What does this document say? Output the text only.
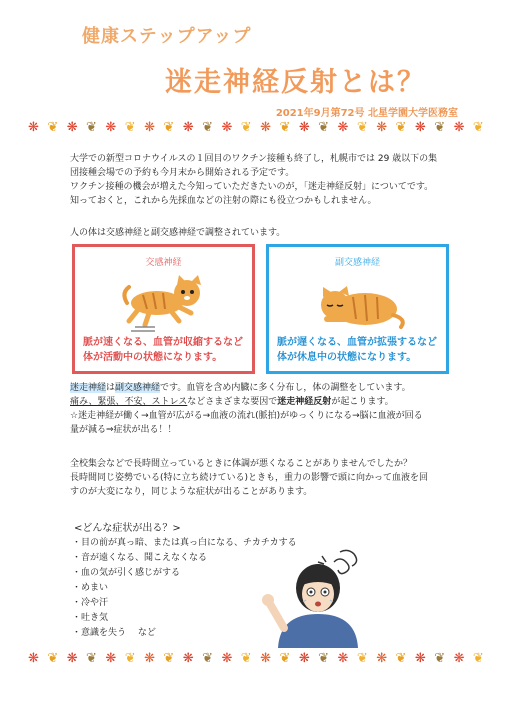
健康ステップアップ
迷走神経反射とは？
2021年9月第72号 北星学園大学医務室
❋ ❦ ❋ ❦ ❋ ❦ ❋ ❦ ❋ ❦ ❋ ❦ ❋ ❦ ❋ ❦ ❋ ❦ ❋ ❦ ❋ ❦ ❋ ❦
大学での新型コロナウイルスの１回目のワクチン接種も終了し，札幌市では 29 歳以下の集
団接種会場での予約も今月末から開始される予定です。
ワクチン接種の機会が増えた今知っていただきたいのが，「迷走神経反射」についてです。
知っておくと，これから先採血などの注射の際にも役立つかもしれません。
人の体は交感神経と副交感神経で調整されています。
交感神経
脈が速くなる、血管が収縮するなど
体が活動中の状態になります。
副交感神経
脈が遅くなる、血管が拡張するなど
体が休息中の状態になります。
迷走神経は副交感神経です。血管を含め内臓に多く分布し，体の調整をしています。
痛み、緊張、不安、ストレスなどさまざまな要因で迷走神経反射が起こります。
☆迷走神経が働く→血管が広がる→血液の流れ(脈拍)がゆっくりになる→脳に血液が回る
量が減る⇒症状が出る！！
全校集会などで長時間立っているときに体調が悪くなることがありませんでしたか？
長時間同じ姿勢でいる(特に立ち続けている)ときも，重力の影響で頭に向かって血液を回
すのが大変になり，同じような症状が出ることがあります。
<どんな症状が出る？>
・目の前が真っ暗、または真っ白になる、チカチカする
・音が遠くなる、聞こえなくなる
・血の気が引く感じがする
・めまい
・冷や汗
・吐き気
・意識を失う　 など
❋ ❦ ❋ ❦ ❋ ❦ ❋ ❦ ❋ ❦ ❋ ❦ ❋ ❦ ❋ ❦ ❋ ❦ ❋ ❦ ❋ ❦ ❋ ❦
